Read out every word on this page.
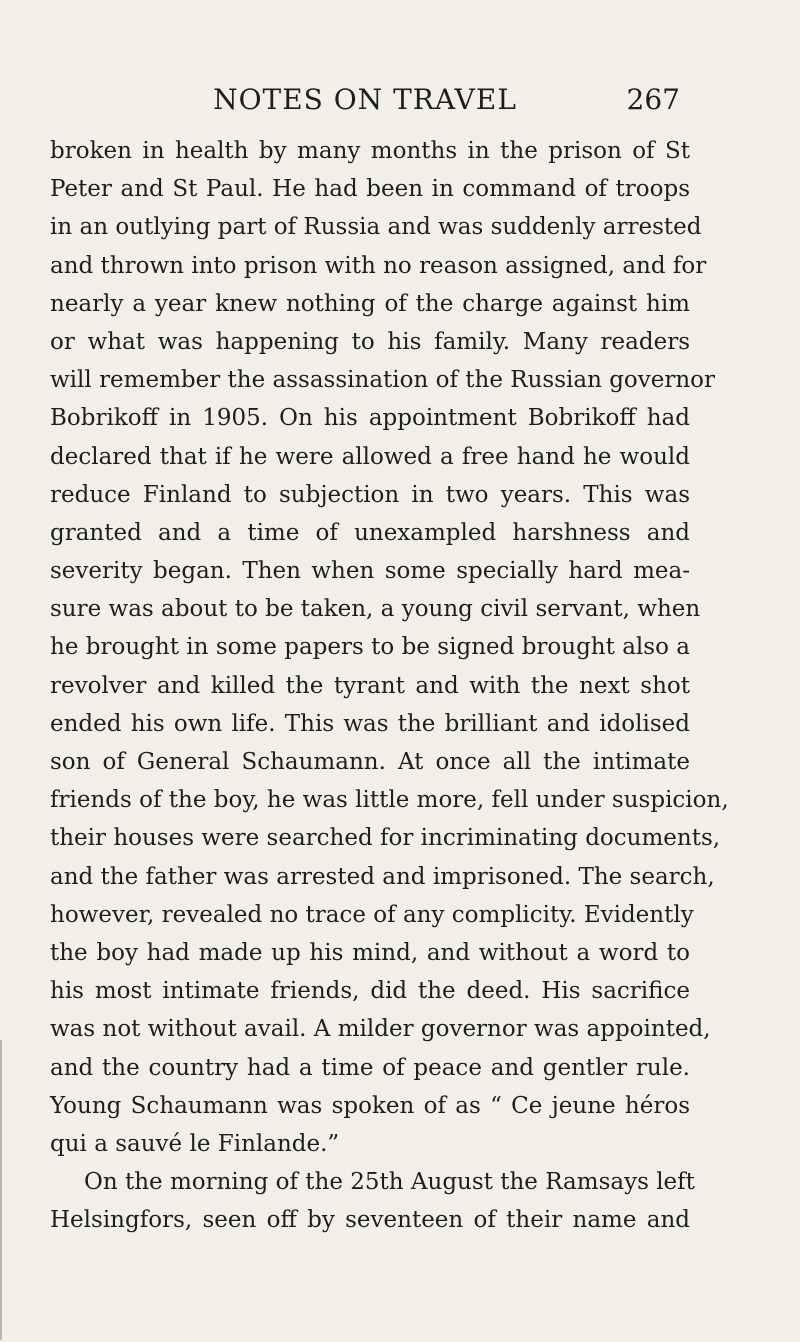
NOTES ON TRAVEL	267
broken in health by many months in the prison of St
Peter and St Paul. He had been in command of troops
in an outlying part of Russia and was suddenly arrested
and thrown into prison with no reason assigned, and for
nearly a year knew nothing of the charge against him
or what was happening to his family. Many readers
will remember the assassination of the Russian governor
Bobrikoff in 1905. On his appointment Bobrikoff had
declared that if he were allowed a free hand he would
reduce Finland to subjection in two years. This was
granted and a time of unexampled harshness and
severity began. Then when some specially hard mea-
sure was about to be taken, a young civil servant, when
he brought in some papers to be signed brought also a
revolver and killed the tyrant and with the next shot
ended his own life. This was the brilliant and idolised
son of General Schaumann. At once all the intimate
friends of the boy, he was little more, fell under suspicion,
their houses were searched for incriminating documents,
and the father was arrested and imprisoned. The search,
however, revealed no trace of any complicity. Evidently
the boy had made up his mind, and without a word to
his most intimate friends, did the deed. His sacrifice
was not without avail. A milder governor was appointed,
and the country had a time of peace and gentler rule.
Young Schaumann was spoken of as “ Ce jeune héros
qui a sauvé le Finlande.”
On the morning of the 25th August the Ramsays left
Helsingfors, seen off by seventeen of their name and
